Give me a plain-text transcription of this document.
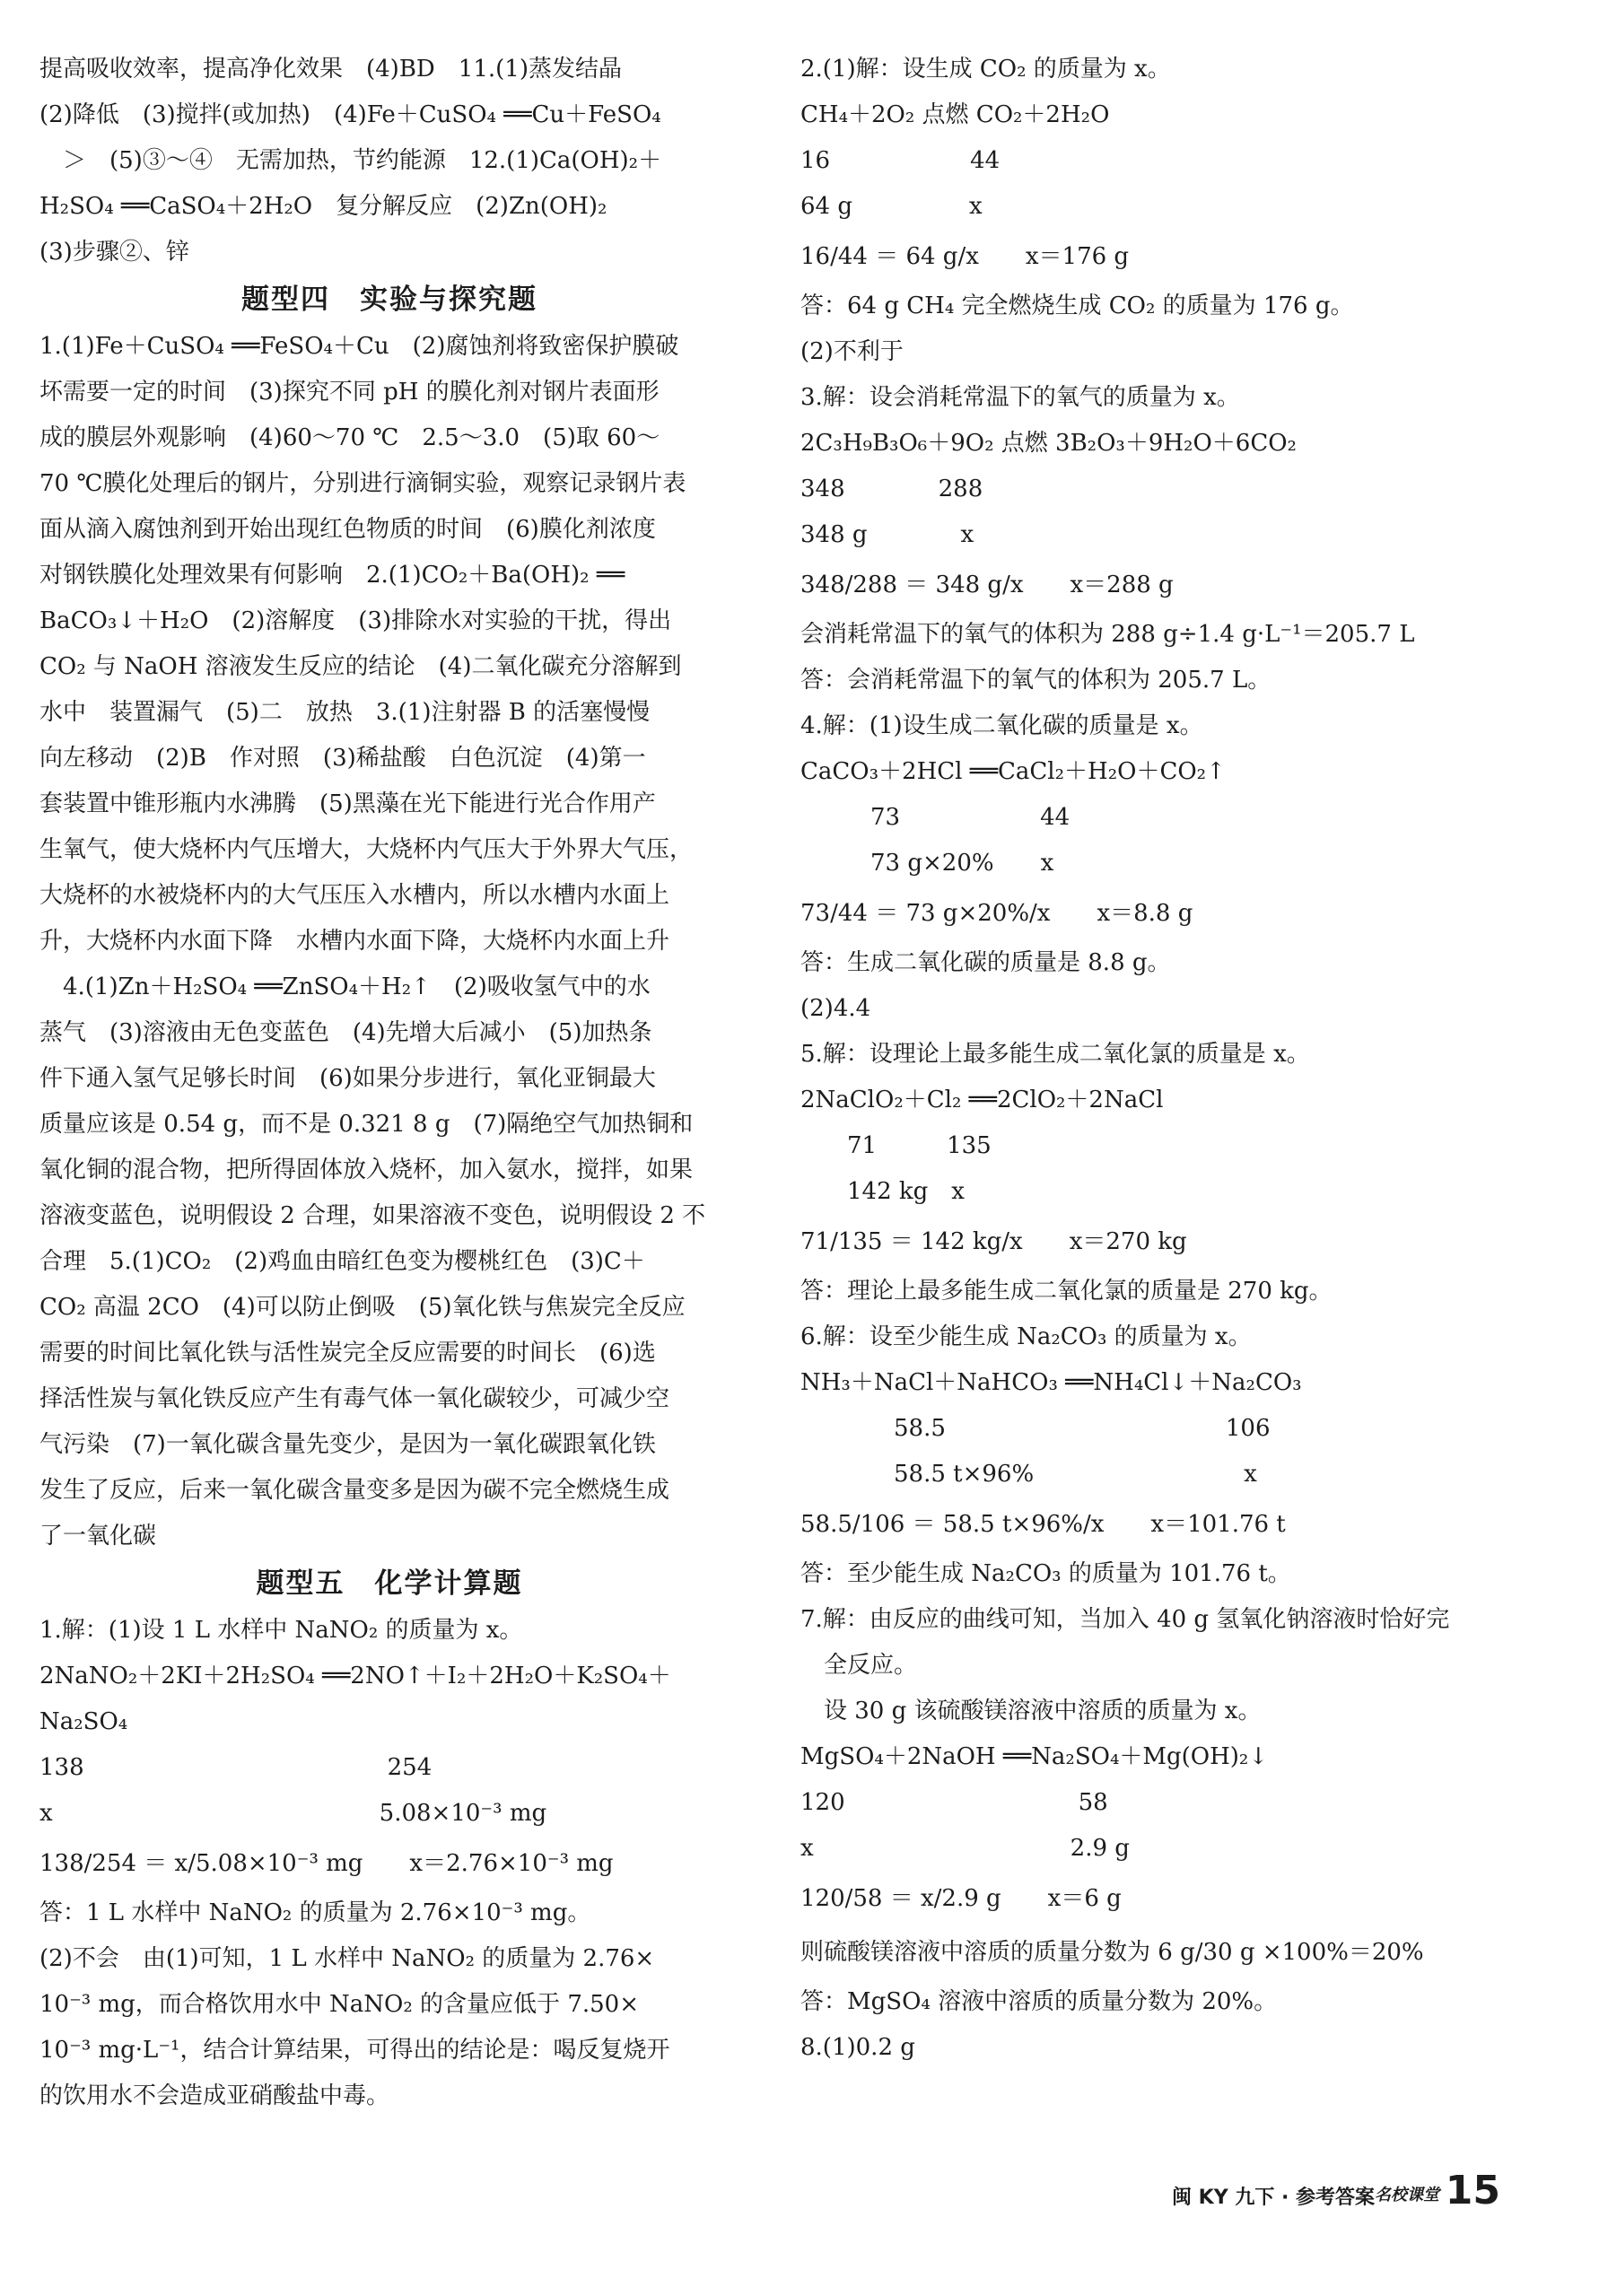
提高吸收效率，提高净化效果　(4)BD　11.(1)蒸发结晶
(2)降低　(3)搅拌(或加热)　(4)Fe＋CuSO₄ ══Cu＋FeSO₄
　＞　(5)③～④　无需加热，节约能源　12.(1)Ca(OH)₂＋
H₂SO₄ ══CaSO₄＋2H₂O　复分解反应　(2)Zn(OH)₂
(3)步骤②、锌
题型四　实验与探究题
1.(1)Fe＋CuSO₄ ══FeSO₄＋Cu　(2)腐蚀剂将致密保护膜破
坏需要一定的时间　(3)探究不同 pH 的膜化剂对钢片表面形
成的膜层外观影响　(4)60～70 ℃　2.5～3.0　(5)取 60～
70 ℃膜化处理后的钢片，分别进行滴铜实验，观察记录钢片表
面从滴入腐蚀剂到开始出现红色物质的时间　(6)膜化剂浓度
对钢铁膜化处理效果有何影响　2.(1)CO₂＋Ba(OH)₂ ══
BaCO₃↓＋H₂O　(2)溶解度　(3)排除水对实验的干扰，得出
CO₂ 与 NaOH 溶液发生反应的结论　(4)二氧化碳充分溶解到
水中　装置漏气　(5)二　放热　3.(1)注射器 B 的活塞慢慢
向左移动　(2)B　作对照　(3)稀盐酸　白色沉淀　(4)第一
套装置中锥形瓶内水沸腾　(5)黑藻在光下能进行光合作用产
生氧气，使大烧杯内气压增大，大烧杯内气压大于外界大气压，
大烧杯的水被烧杯内的大气压压入水槽内，所以水槽内水面上
升，大烧杯内水面下降　水槽内水面下降，大烧杯内水面上升
　4.(1)Zn＋H₂SO₄ ══ZnSO₄＋H₂↑　(2)吸收氢气中的水
蒸气　(3)溶液由无色变蓝色　(4)先增大后减小　(5)加热条
件下通入氢气足够长时间　(6)如果分步进行，氧化亚铜最大
质量应该是 0.54 g，而不是 0.321 8 g　(7)隔绝空气加热铜和
氧化铜的混合物，把所得固体放入烧杯，加入氨水，搅拌，如果
溶液变蓝色，说明假设 2 合理，如果溶液不变色，说明假设 2 不
合理　5.(1)CO₂　(2)鸡血由暗红色变为樱桃红色　(3)C＋
CO₂ 高温 2CO　(4)可以防止倒吸　(5)氧化铁与焦炭完全反应
需要的时间比氧化铁与活性炭完全反应需要的时间长　(6)选
择活性炭与氧化铁反应产生有毒气体一氧化碳较少，可减少空
气污染　(7)一氧化碳含量先变少，是因为一氧化碳跟氧化铁
发生了反应，后来一氧化碳含量变多是因为碳不完全燃烧生成
了一氧化碳
题型五　化学计算题
1.解：(1)设 1 L 水样中 NaNO₂ 的质量为 x。
2NaNO₂＋2KI＋2H₂SO₄ ══2NO↑＋I₂＋2H₂O＋K₂SO₄＋
Na₂SO₄
138　　　　　　　　　　　　　254
x　　　　　　　　　　　　　　5.08×10⁻³ mg
138/254 ＝ x/5.08×10⁻³ mg　　x＝2.76×10⁻³ mg
答：1 L 水样中 NaNO₂ 的质量为 2.76×10⁻³ mg。
(2)不会　由(1)可知，1 L 水样中 NaNO₂ 的质量为 2.76×
10⁻³ mg，而合格饮用水中 NaNO₂ 的含量应低于 7.50×
10⁻³ mg·L⁻¹，结合计算结果，可得出的结论是：喝反复烧开
的饮用水不会造成亚硝酸盐中毒。
2.(1)解：设生成 CO₂ 的质量为 x。
CH₄＋2O₂ 点燃 CO₂＋2H₂O
16　　　　　　44
64 g　　　　　x
16/44 ＝ 64 g/x　　x＝176 g
答：64 g CH₄ 完全燃烧生成 CO₂ 的质量为 176 g。
(2)不利于
3.解：设会消耗常温下的氧气的质量为 x。
2C₃H₉B₃O₆＋9O₂ 点燃 3B₂O₃＋9H₂O＋6CO₂
348　　　　288
348 g　　　　x
348/288 ＝ 348 g/x　　x＝288 g
会消耗常温下的氧气的体积为 288 g÷1.4 g·L⁻¹＝205.7 L
答：会消耗常温下的氧气的体积为 205.7 L。
4.解：(1)设生成二氧化碳的质量是 x。
CaCO₃＋2HCl ══CaCl₂＋H₂O＋CO₂↑
　　　73　　　　　　44
　　　73 g×20%　　x
73/44 ＝ 73 g×20%/x　　x＝8.8 g
答：生成二氧化碳的质量是 8.8 g。
(2)4.4
5.解：设理论上最多能生成二氧化氯的质量是 x。
2NaClO₂＋Cl₂ ══2ClO₂＋2NaCl
　　71　　　135
　　142 kg　x
71/135 ＝ 142 kg/x　　x＝270 kg
答：理论上最多能生成二氧化氯的质量是 270 kg。
6.解：设至少能生成 Na₂CO₃ 的质量为 x。
NH₃＋NaCl＋NaHCO₃ ══NH₄Cl↓＋Na₂CO₃
　　　　58.5　　　　　　　　　　　　106
　　　　58.5 t×96%　　　　　　　　　x
58.5/106 ＝ 58.5 t×96%/x　　x＝101.76 t
答：至少能生成 Na₂CO₃ 的质量为 101.76 t。
7.解：由反应的曲线可知，当加入 40 g 氢氧化钠溶液时恰好完
　全反应。
　设 30 g 该硫酸镁溶液中溶质的质量为 x。
MgSO₄＋2NaOH ══Na₂SO₄＋Mg(OH)₂↓
120　　　　　　　　　　58
x　　　　　　　　　　　2.9 g
120/58 ＝ x/2.9 g　　x＝6 g
则硫酸镁溶液中溶质的质量分数为 6 g/30 g ×100%＝20%
答：MgSO₄ 溶液中溶质的质量分数为 20%。
8.(1)0.2 g
闽 KY 九下 · 参考答案 名校课堂 15
